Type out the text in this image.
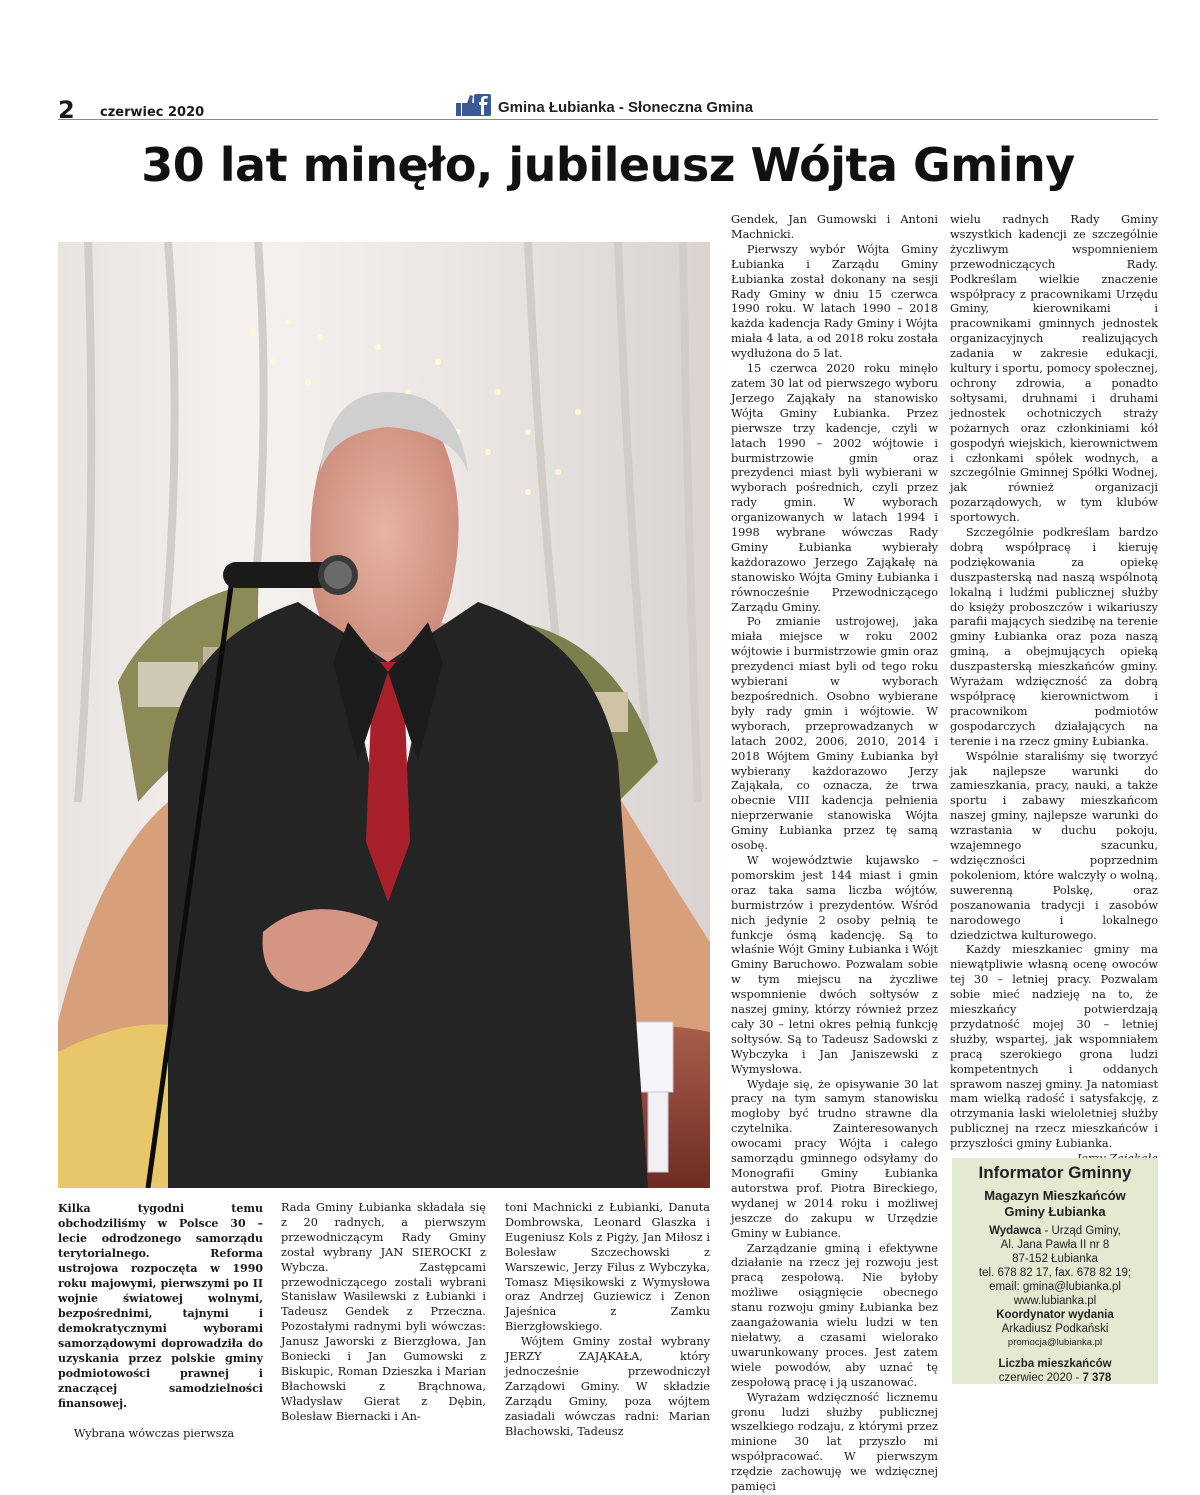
2 czerwiec 2020	Gmina Łubianka - Słoneczna Gmina
30 lat minęło, jubileusz Wójta Gminy

Kilka tygodni temu obchodziliśmy w Polsce 30 – lecie odrodzonego samorządu terytorialnego. Reforma ustrojowa rozpoczęta w 1990 roku majowymi, pierwszymi po II wojnie światowej wolnymi, bezpośrednimi, tajnymi i demokratycznymi wyborami samorządowymi doprowadziła do uzyskania przez polskie gminy podmiotowości prawnej i znaczącej samodzielności finansowej.

Wybrana wówczas pierwsza

Rada Gminy Łubianka składała się z 20 radnych, a pierwszym przewodniczącym Rady Gminy został wybrany JAN SIEROCKI z Wybcza. Zastępcami przewodniczącego zostali wybrani Stanisław Wasilewski z Łubianki i Tadeusz Gendek z Przeczna. Pozostałymi radnymi byli wówczas: Janusz Jaworski z Bierzgłowa, Jan Boniecki i Jan Gumowski z Biskupic, Roman Dzieszka i Marian Błachowski z Brąchnowa, Władysław Gierat z Dębin, Bolesław Biernacki i An-

toni Machnicki z Łubianki, Danuta Dombrowska, Leonard Glaszka i Eugeniusz Kols z Pigży, Jan Miłosz i Bolesław Szczechowski z Warszewic, Jerzy Filus z Wybczyka, Tomasz Mięsikowski z Wymysłowa oraz Andrzej Guziewicz i Zenon Jajeśnica z Zamku Bierzgłowskiego.

Wójtem Gminy został wybrany JERZY ZAJĄKAŁA, który jednocześnie przewodniczył Zarządowi Gminy. W składzie Zarządu Gminy, poza wójtem zasiadali wówczas radni: Marian Błachowski, Tadeusz

Gendek, Jan Gumowski i Antoni Machnicki.

Pierwszy wybór Wójta Gminy Łubianka i Zarządu Gminy Łubianka został dokonany na sesji Rady Gminy w dniu 15 czerwca 1990 roku. W latach 1990 – 2018 każda kadencja Rady Gminy i Wójta miała 4 lata, a od 2018 roku została wydłużona do 5 lat.

15 czerwca 2020 roku minęło zatem 30 lat od pierwszego wyboru Jerzego Zająkały na stanowisko Wójta Gminy Łubianka. Przez pierwsze trzy kadencje, czyli w latach 1990 – 2002 wójtowie i burmistrzowie gmin oraz prezydenci miast byli wybierani w wyborach pośrednich, czyli przez rady gmin. W wyborach organizowanych w latach 1994 i 1998 wybrane wówczas Rady Gminy Łubianka wybierały każdorazowo Jerzego Zająkałę na stanowisko Wójta Gminy Łubianka i równocześnie Przewodniczącego Zarządu Gminy.

Po zmianie ustrojowej, jaka miała miejsce w roku 2002 wójtowie i burmistrzowie gmin oraz prezydenci miast byli od tego roku wybierani w wyborach bezpośrednich. Osobno wybierane były rady gmin i wójtowie. W wyborach, przeprowadzanych w latach 2002, 2006, 2010, 2014 i 2018 Wójtem Gminy Łubianka był wybierany każdorazowo Jerzy Zająkała, co oznacza, że trwa obecnie VIII kadencja pełnienia nieprzerwanie stanowiska Wójta Gminy Łubianka przez tę samą osobę.

W województwie kujawsko – pomorskim jest 144 miast i gmin oraz taka sama liczba wójtów, burmistrzów i prezydentów. Wśród nich jedynie 2 osoby pełnią te funkcje ósmą kadencję. Są to właśnie Wójt Gminy Łubianka i Wójt Gminy Baruchowo. Pozwalam sobie w tym miejscu na życzliwe wspomnienie dwóch sołtysów z naszej gminy, którzy również przez cały 30 – letni okres pełnią funkcję sołtysów. Są to Tadeusz Sadowski z Wybczyka i Jan Janiszewski z Wymysłowa.

Wydaje się, że opisywanie 30 lat pracy na tym samym stanowisku mogłoby być trudno strawne dla czytelnika. Zainteresowanych owocami pracy Wójta i całego samorządu gminnego odsyłamy do Monografii Gminy Łubianka autorstwa prof. Piotra Bireckiego, wydanej w 2014 roku i możliwej jeszcze do zakupu w Urzędzie Gminy w Łubiance.

Zarządzanie gminą i efektywne działanie na rzecz jej rozwoju jest pracą zespołową. Nie byłoby możliwe osiągnięcie obecnego stanu rozwoju gminy Łubianka bez zaangażowania wielu ludzi w ten niełatwy, a czasami wielorako uwarunkowany proces. Jest zatem wiele powodów, aby uznać tę zespołową pracę i ją uszanować.

Wyrażam wdzięczność licznemu gronu ludzi służby publicznej wszelkiego rodzaju, z którymi przez minione 30 lat przyszło mi współpracować. W pierwszym rzędzie zachowuję we wdzięcznej pamięci

wielu radnych Rady Gminy wszystkich kadencji ze szczególnie życzliwym wspomnieniem przewodniczących Rady. Podkreślam wielkie znaczenie współpracy z pracownikami Urzędu Gminy, kierownikami i pracownikami gminnych jednostek organizacyjnych realizujących zadania w zakresie edukacji, kultury i sportu, pomocy społecznej, ochrony zdrowia, a ponadto sołtysami, druhnami i druhami jednostek ochotniczych straży pożarnych oraz członkiniami kół gospodyń wiejskich, kierownictwem i członkami spółek wodnych, a szczególnie Gminnej Spółki Wodnej, jak również organizacji pozarządowych, w tym klubów sportowych.

Szczególnie podkreślam bardzo dobrą współpracę i kieruję podziękowania za opiekę duszpasterską nad naszą wspólnotą lokalną i ludźmi publicznej służby do księży proboszczów i wikariuszy parafii mających siedzibę na terenie gminy Łubianka oraz poza naszą gminą, a obejmujących opieką duszpasterską mieszkańców gminy. Wyrażam wdzięczność za dobrą współpracę kierownictwom i pracownikom podmiotów gospodarczych działających na terenie i na rzecz gminy Łubianka.

Wspólnie staraliśmy się tworzyć jak najlepsze warunki do zamieszkania, pracy, nauki, a także sportu i zabawy mieszkańcom naszej gminy, najlepsze warunki do wzrastania w duchu pokoju, wzajemnego szacunku, wdzięczności poprzednim pokoleniom, które walczyły o wolną, suwerenną Polskę, oraz poszanowania tradycji i zasobów narodowego i lokalnego dziedzictwa kulturowego.

Każdy mieszkaniec gminy ma niewątpliwie własną ocenę owoców tej 30 – letniej pracy. Pozwalam sobie mieć nadzieję na to, że mieszkańcy potwierdzają przydatność mojej 30 – letniej służby, wspartej, jak wspomniałem pracą szerokiego grona ludzi kompetentnych i oddanych sprawom naszej gminy. Ja natomiast mam wielką radość i satysfakcję, z otrzymania łaski wieloletniej służby publicznej na rzecz mieszkańców i przyszłości gminy Łubianka.

Informator Gminny
Magazyn Mieszkańców
Gminy Łubianka
Wydawca - Urząd Gminy,
Al. Jana Pawła II nr 8
87-152 Łubianka
tel. 678 82 17, fax. 678 82 19;
email: gmina@lubianka.pl
www.lubianka.pl
Koordynator wydania
Arkadiusz Podkański
promocja@lubianka.pl
Liczba mieszkańców
czerwiec 2020 - 7 378
